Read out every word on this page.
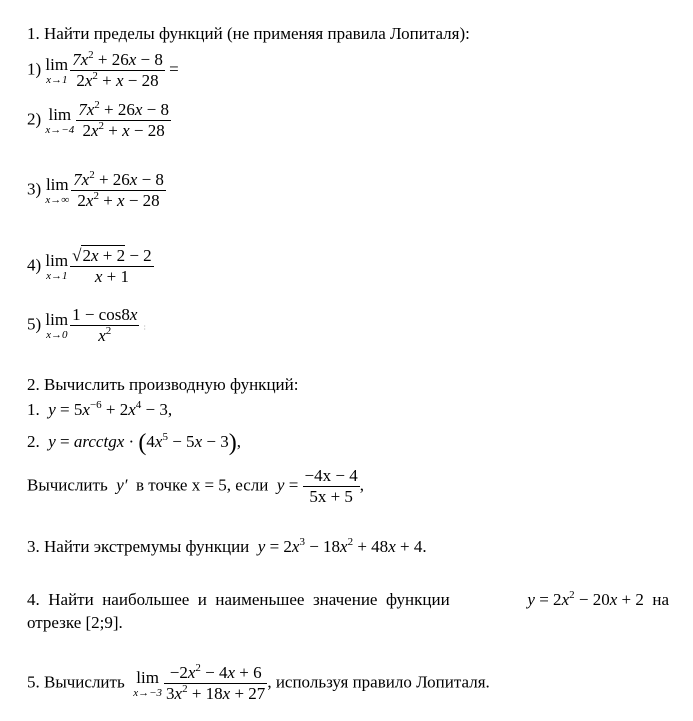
1. Найти пределы функций (не применяя правила Лопиталя):
1) lim
$x\to 1 \frac{7x^2 + 26x - 8}{2x^2 + x - 28}$ =
2) lim
$x\to-4 \frac{7x^2 + 26x - 8}{2x^2 + x - 28}$
3) lim
$x\to\infty \frac{7x^2 + 26x - 8}{2x^2 + x - 28}$
4) lim
$x\to 1 \frac{√2x + 2 - 2}{x + 1}$
5) lim
$x\to 0 \frac{1 - \cos 8x}{x^2}$ :
2. Вычислить производную функций:
1.  $y = 5x^{-6} + 2x^4 - 3$,
2.  y = arcctgx · $(4x^5 - 5x - 3)$,
Вычислить y′ в точке x = 5, если $y = \frac{-4x - 4}{5x + 5}$ ,
3. Найти экстремумы функции $y = 2x^3 - 18x^2 + 48x + 4$.
4.  Найти  наибольшее  и  наименьшее  значение  функции	$y = 2x^2 - 20x + 2$  на
отрезке [2;9].
5. Вычислить lim
$x\to-3 \frac{-2x^2 - 4x + 6}{3x^2 + 18x + 27}$ , используя правило Лопиталя.
